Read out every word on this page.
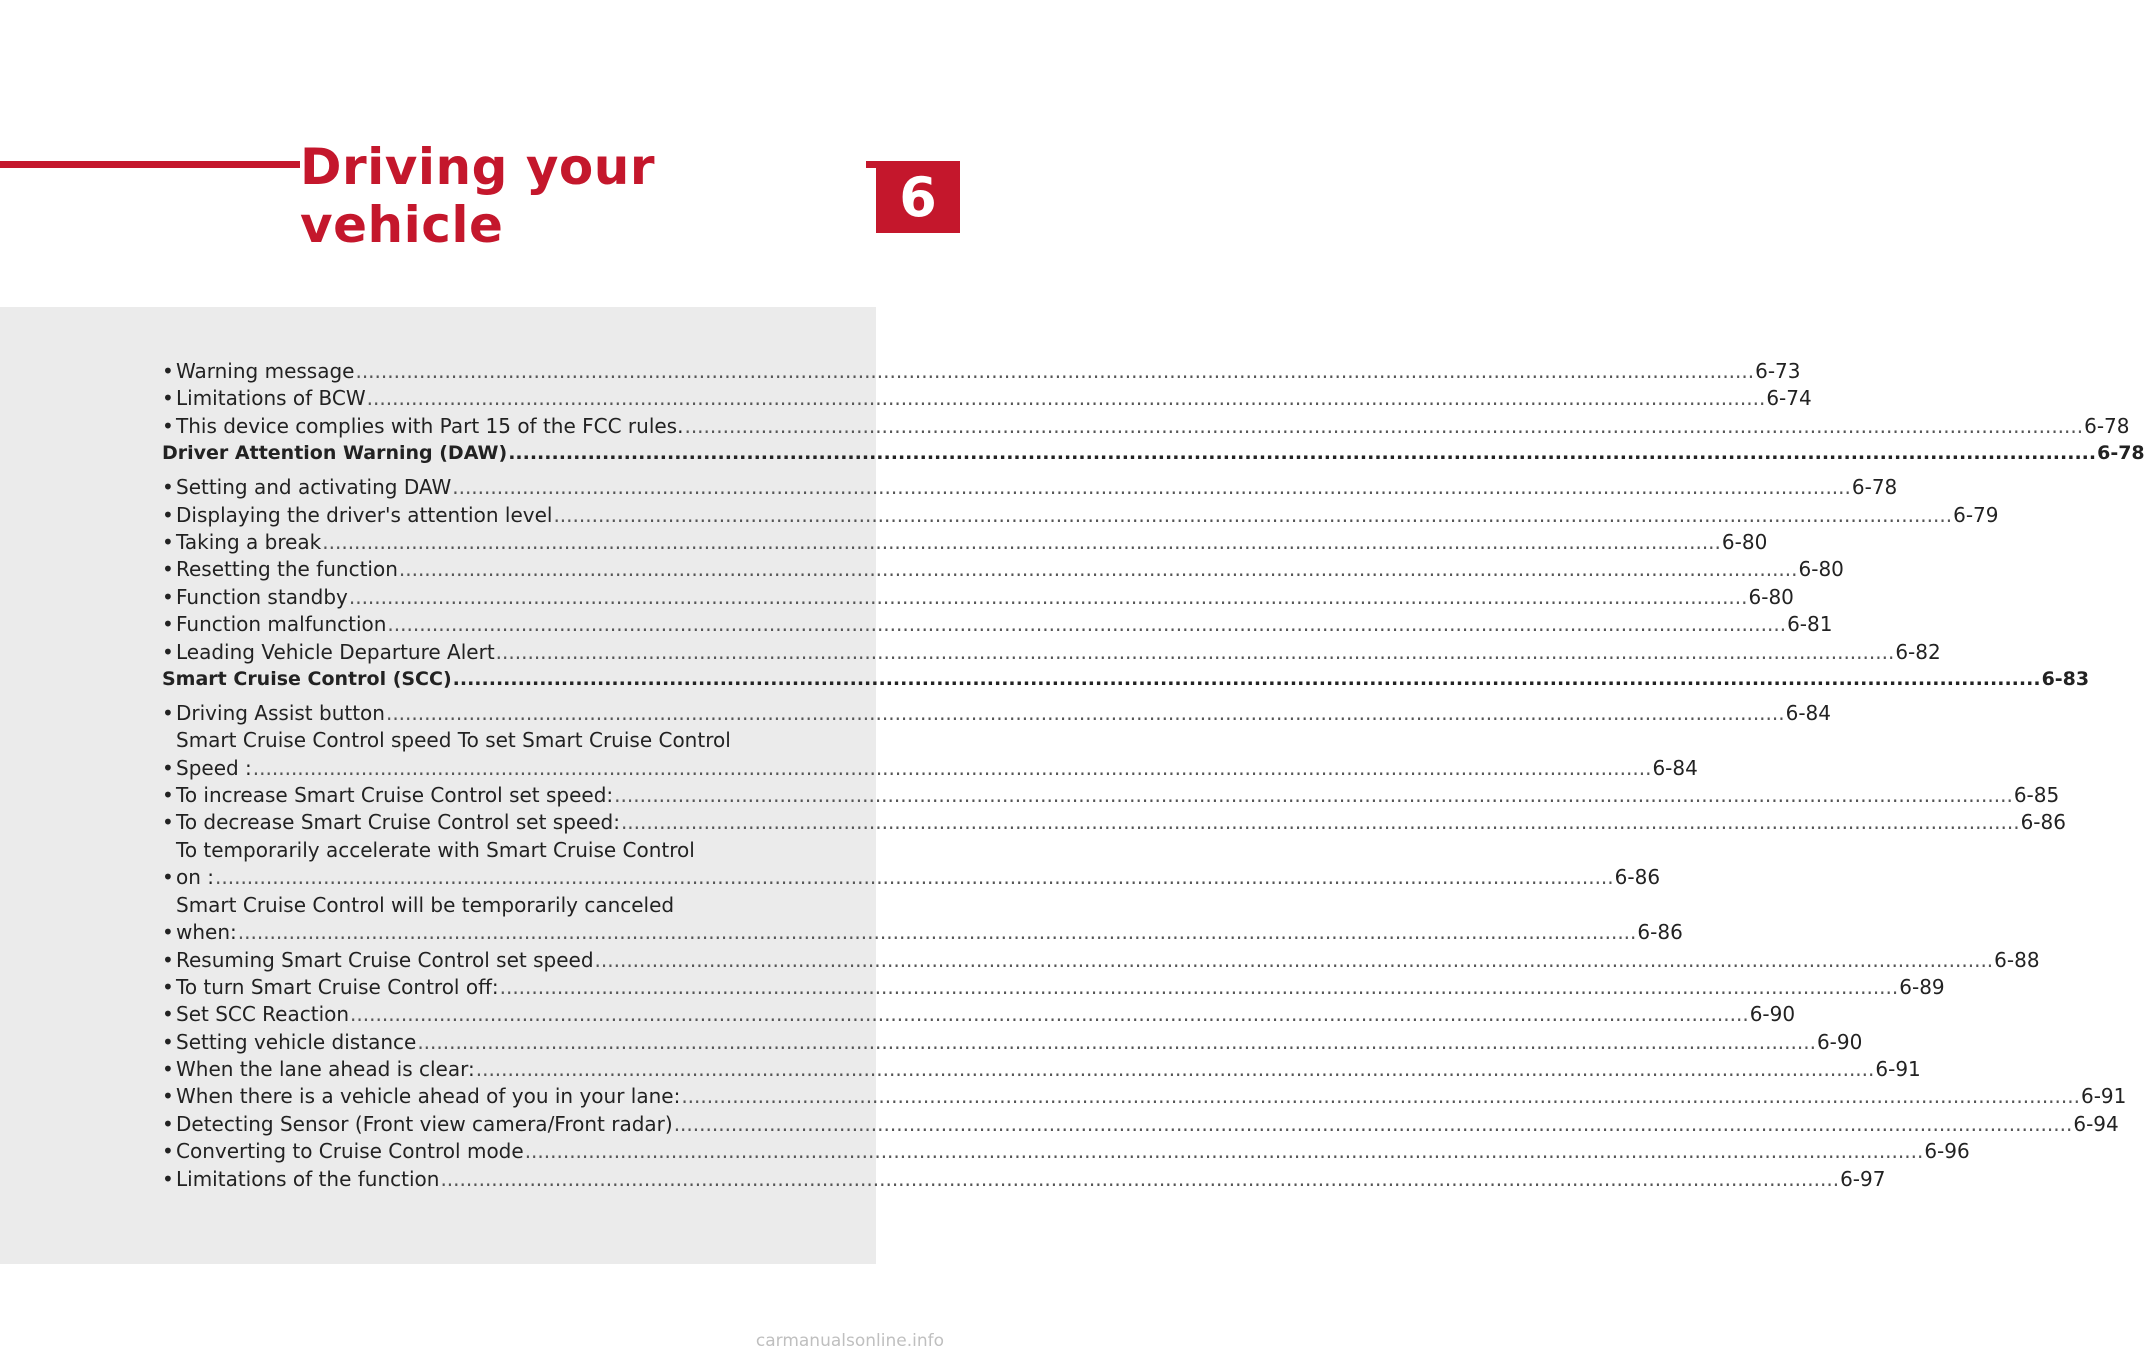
Driving your vehicle	6
• Warning message ............................................................................................................................................................................................................................ 6-73
• Limitations of BCW ............................................................................................................................................................................................................................ 6-74
• This device complies with Part 15 of the FCC rules. ............................................................................................................................................................................................................................ 6-78
Driver Attention Warning (DAW) ............................................................................................................................................................................................................................ 6-78
• Setting and activating DAW ............................................................................................................................................................................................................................ 6-78
• Displaying the driver's attention level ............................................................................................................................................................................................................................ 6-79
• Taking a break ............................................................................................................................................................................................................................ 6-80
• Resetting the function ............................................................................................................................................................................................................................ 6-80
• Function standby ............................................................................................................................................................................................................................ 6-80
• Function malfunction ............................................................................................................................................................................................................................ 6-81
• Leading Vehicle Departure Alert ............................................................................................................................................................................................................................ 6-82
Smart Cruise Control (SCC) ............................................................................................................................................................................................................................ 6-83
• Driving Assist button ............................................................................................................................................................................................................................ 6-84
•
Smart Cruise Control speed To set Smart Cruise Control
Speed : ............................................................................................................................................................................................................................ 6-84
• To increase Smart Cruise Control set speed: ............................................................................................................................................................................................................................ 6-85
• To decrease Smart Cruise Control set speed: ............................................................................................................................................................................................................................ 6-86
•
To temporarily accelerate with Smart Cruise Control
on : ............................................................................................................................................................................................................................ 6-86
•
Smart Cruise Control will be temporarily canceled
when: ............................................................................................................................................................................................................................ 6-86
• Resuming Smart Cruise Control set speed ............................................................................................................................................................................................................................ 6-88
• To turn Smart Cruise Control off: ............................................................................................................................................................................................................................ 6-89
• Set SCC Reaction ............................................................................................................................................................................................................................ 6-90
• Setting vehicle distance ............................................................................................................................................................................................................................ 6-90
• When the lane ahead is clear: ............................................................................................................................................................................................................................ 6-91
• When there is a vehicle ahead of you in your lane: ............................................................................................................................................................................................................................ 6-91
• Detecting Sensor (Front view camera/Front radar) ............................................................................................................................................................................................................................ 6-94
• Converting to Cruise Control mode ............................................................................................................................................................................................................................ 6-96
• Limitations of the function ............................................................................................................................................................................................................................ 6-97
carmanualsonline.info
